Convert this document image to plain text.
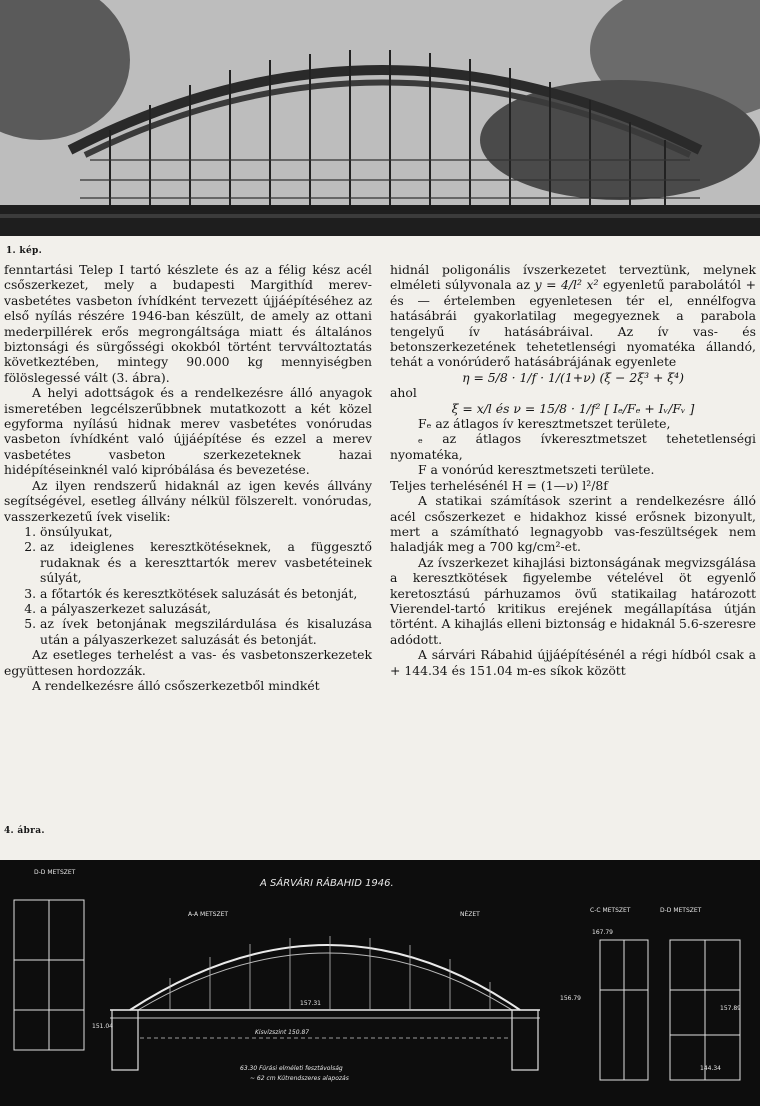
1. kép.

fenntartási Telep I tartó készlete és az a félig kész acél csőszerkezet, mely a budapesti Margithíd merev-vasbetétes vasbeton ívhídként tervezett újjáépítéséhez az első nyílás részére 1946-ban készült, de amely az ottani mederpillérek erős megrongáltsága miatt és általános biztonsági és sürgősségi okokból történt tervváltoztatás következtében, mintegy 90.000 kg mennyiségben fölöslegessé vált (3. ábra).

A helyi adottságok és a rendelkezésre álló anyagok ismeretében legcélszerűbbnek mutatkozott a két közel egyforma nyílású hidnak merev vasbetétes vonórudas vasbeton ívhídként való újjáépítése és ezzel a merev vasbetétes vasbeton szerkezeteknek hazai hidépítéseinknél való kipróbálása és bevezetése.

Az ilyen rendszerű hidaknál az igen kevés állvány segítségével, esetleg állvány nélkül fölszerelt. vonórudas, vasszerkezetű ívek viselik:

1. önsúlyukat,
2. az ideiglenes keresztkötéseknek, a függesztő rudaknak és a kereszttartók merev vasbetéteinek súlyát,
3. a főtartók és keresztkötések saluzását és betonját,
4. a pályaszerkezet saluzását,
5. az ívek betonjának megszilárdulása és kisaluzása után a pályaszerkezet saluzását és betonját.

Az esetleges terhelést a vas- és vasbetonszerkezetek együttesen hordozzák.

A rendelkezésre álló csőszerkezetből mindkét

hidnál poligonális ívszerkezetet terveztünk, melynek elméleti súlyvonala az y = 4/l² x² egyenletű parabolától + és — értelemben egyenletesen tér el, ennélfogva hatásábrái gyakorlatilag megegyeznek a parabola tengelyű ív hatásábráival. Az ív vas- és betonszerkezetének tehetetlenségi nyomatéka állandó, tehát a vonórúderő hatásábrájának egyenlete

η = 5/8 · 1/f · 1/(1+ν) (ξ − 2ξ³ + ξ⁴)

ahol

ξ = x/l és ν = 15/8 · 1/f² [ Iₑ/Fₑ + Iᵥ/Fᵥ ]

Fₑ az átlagos ív keresztmetszet területe,

ₑ az átlagos ívkeresztmetszet tehetetlenségi nyomatéka,

F a vonórúd keresztmetszeti területe.

Teljes terhelésénél H = (1—ν) l²/8f

A statikai számítások szerint a rendelkezésre álló acél csőszerkezet e hidakhoz kissé erősnek bizonyult, mert a számítható legnagyobb vas-feszültségek nem haladják meg a 700 kg/cm²-et.

Az ívszerkezet kihajlási biztonságának megvizsgálása a keresztkötések figyelembe vételével öt egyenlő keretosztású párhuzamos övű statikailag határozott Vierendel-tartó kritikus erejének megállapítása útján történt. A kihajlás elleni biztonság e hidaknál 5.6-szeresre adódott.

A sárvári Rábahid újjáépítésénél a régi hídból csak a + 144.34 és 151.04 m-es síkok között

4. ábra.
A SÁRVÁRI RÁBAHID 1946.
D-D METSZET
A-A METSZET	NÉZET
C-C METSZET	D-D METSZET
Kisvízszint 150.87
63.30 Fúrási elméleti fesztávolság
~ 62 cm Kútrendszeres alapozás
157.31
151.04
156.79
144.34
167.79
157.89
